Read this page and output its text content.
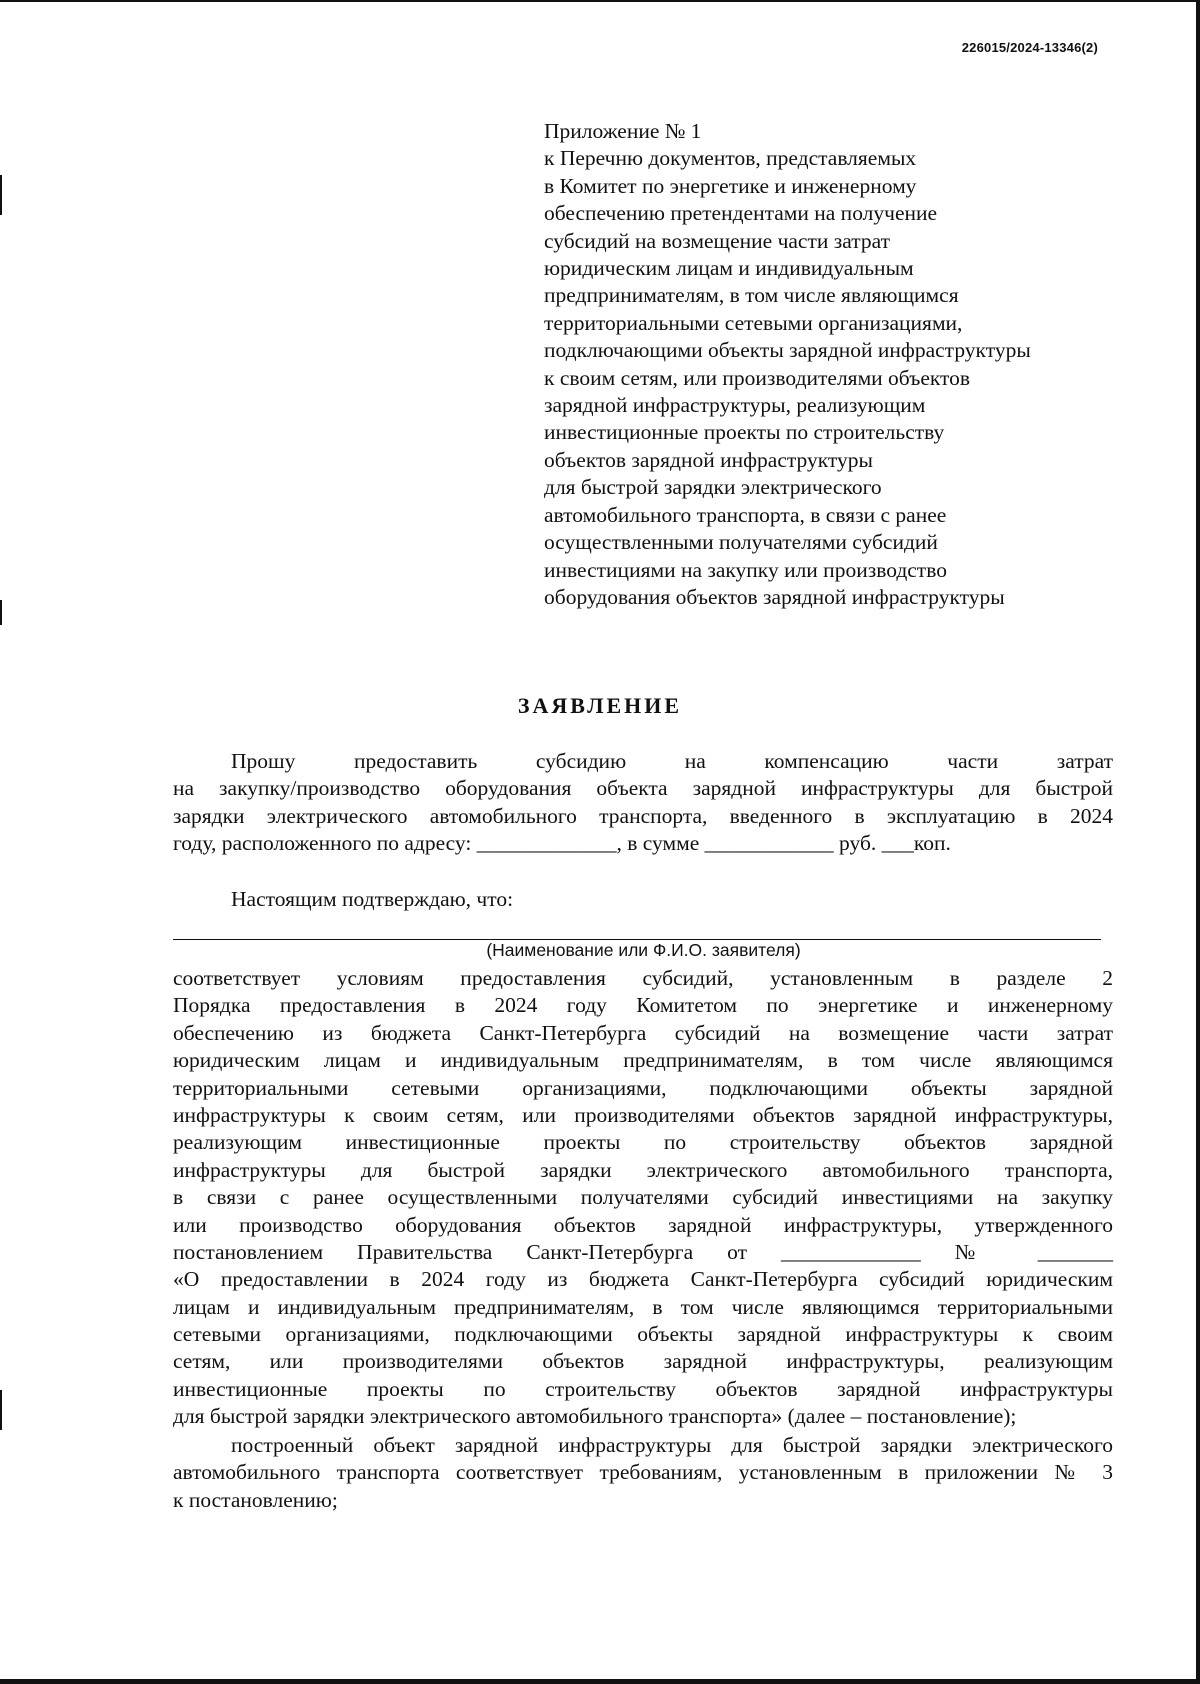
226015/2024-13346(2)

Приложение № 1
к Перечню документов, представляемых
в Комитет по энергетике и инженерному
обеспечению претендентами на получение
субсидий на возмещение части затрат
юридическим лицам и индивидуальным
предпринимателям, в том числе являющимся
территориальными сетевыми организациями,
подключающими объекты зарядной инфраструктуры
к своим сетям, или производителями объектов
зарядной инфраструктуры, реализующим
инвестиционные проекты по строительству
объектов зарядной инфраструктуры
для быстрой зарядки электрического
автомобильного транспорта, в связи с ранее
осуществленными получателями субсидий
инвестициями на закупку или производство
оборудования объектов зарядной инфраструктуры
ЗАЯВЛЕНИЕ
Прошу предоставить субсидию на компенсацию части затрат
на закупку/производство оборудования объекта зарядной инфраструктуры для быстрой
зарядки электрического автомобильного транспорта, введенного в эксплуатацию в 2024
году, расположенного по адресу: _____________, в сумме ____________ руб. ___коп.

Настоящим подтверждаю, что:

(Наименование или Ф.И.О. заявителя)

соответствует условиям предоставления субсидий, установленным в разделе 2
Порядка предоставления в 2024 году Комитетом по энергетике и инженерному
обеспечению из бюджета Санкт-Петербурга субсидий на возмещение части затрат
юридическим лицам и индивидуальным предпринимателям, в том числе являющимся
территориальными сетевыми организациями, подключающими объекты зарядной
инфраструктуры к своим сетям, или производителями объектов зарядной инфраструктуры,
реализующим инвестиционные проекты по строительству объектов зарядной
инфраструктуры для быстрой зарядки электрического автомобильного транспорта,
в связи с ранее осуществленными получателями субсидий инвестициями на закупку
или производство оборудования объектов зарядной инфраструктуры, утвержденного
постановлением Правительства Санкт-Петербурга от _____________ № _______
«О предоставлении в 2024 году из бюджета Санкт-Петербурга субсидий юридическим
лицам и индивидуальным предпринимателям, в том числе являющимся территориальными
сетевыми организациями, подключающими объекты зарядной инфраструктуры к своим
сетям, или производителями объектов зарядной инфраструктуры, реализующим
инвестиционные проекты по строительству объектов зарядной инфраструктуры
для быстрой зарядки электрического автомобильного транспорта» (далее – постановление);
построенный объект зарядной инфраструктуры для быстрой зарядки электрического
автомобильного транспорта соответствует требованиям, установленным в приложении № 3
к постановлению;
